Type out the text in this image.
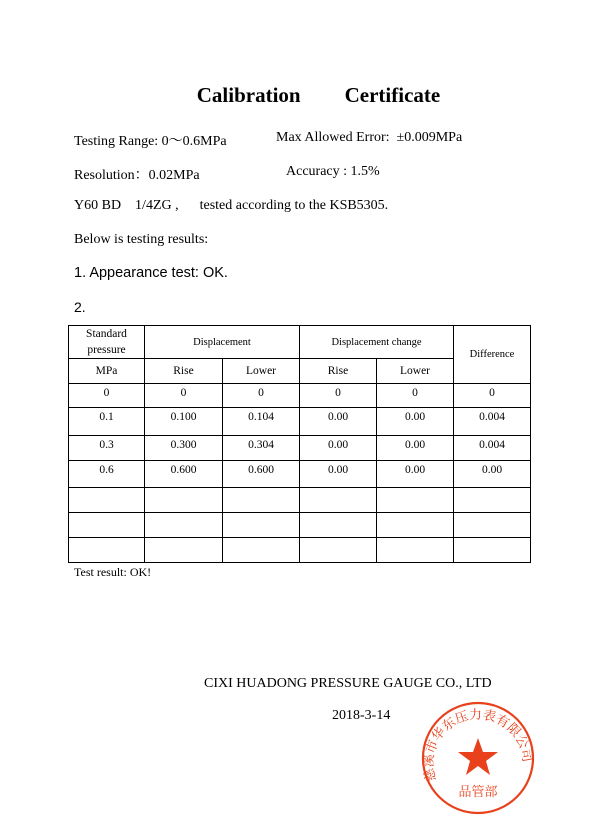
Calibration Certificate

Testing Range: 0～0.6MPa	Max Allowed Error:  ±0.009MPa
Resolution：0.02MPa	Accuracy : 1.5%
Y60 BD    1/4ZG ,      tested according to the KSB5305.
Below is testing results:
1. Appearance test: OK.
2.
Standard pressure	Displacement		Displacement change		Difference
MPa	Rise	Lower	Rise	Lower	
0	0	0	0	0	0
0.1	0.100	0.104	0.00	0.00	0.004
0.3	0.300	0.304	0.00	0.00	0.004
0.6	0.600	0.600	0.00	0.00	0.00

Test result: OK!
CIXI HUADONG PRESSURE GAUGE CO., LTD
2018-3-14
慈溪市华东压力表有限公司
品管部
